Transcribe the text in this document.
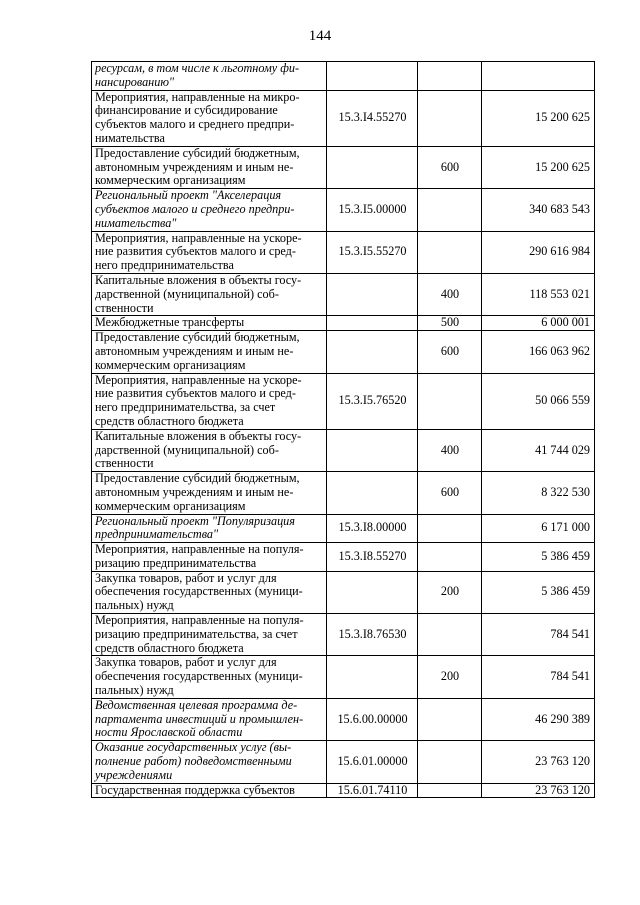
144
ресурсам, в том числе к льготному фи-
нансированию"			

Мероприятия, направленные на микро-
финансирование и субсидирование
субъектов малого и среднего предпри-
нимательства	15.3.I4.55270		15 200 625

Предоставление субсидий бюджетным,
автономным учреждениям и иным не-
коммерческим организациям		600	15 200 625

Региональный проект "Акселерация
субъектов малого и среднего предпри-
нимательства"	15.3.I5.00000		340 683 543

Мероприятия, направленные на ускоре-
ние развития субъектов малого и сред-
него предпринимательства	15.3.I5.55270		290 616 984

Капитальные вложения в объекты госу-
дарственной (муниципальной) соб-
ственности		400	118 553 021

Межбюджетные трансферты		500	6 000 001

Предоставление субсидий бюджетным,
автономным учреждениям и иным не-
коммерческим организациям		600	166 063 962

Мероприятия, направленные на ускоре-
ние развития субъектов малого и сред-
него предпринимательства, за счет
средств областного бюджета	15.3.I5.76520		50 066 559

Капитальные вложения в объекты госу-
дарственной (муниципальной) соб-
ственности		400	41 744 029

Предоставление субсидий бюджетным,
автономным учреждениям и иным не-
коммерческим организациям		600	8 322 530

Региональный проект "Популяризация
предпринимательства"	15.3.I8.00000		6 171 000

Мероприятия, направленные на популя-
ризацию предпринимательства	15.3.I8.55270		5 386 459

Закупка товаров, работ и услуг для
обеспечения государственных (муници-
пальных) нужд		200	5 386 459

Мероприятия, направленные на популя-
ризацию предпринимательства, за счет
средств областного бюджета	15.3.I8.76530		784 541

Закупка товаров, работ и услуг для
обеспечения государственных (муници-
пальных) нужд		200	784 541

Ведомственная целевая программа де-
партамента инвестиций и промышлен-
ности Ярославской области	15.6.00.00000		46 290 389

Оказание государственных услуг (вы-
полнение работ) подведомственными
учреждениями	15.6.01.00000		23 763 120

Государственная поддержка субъектов	15.6.01.74110		23 763 120
